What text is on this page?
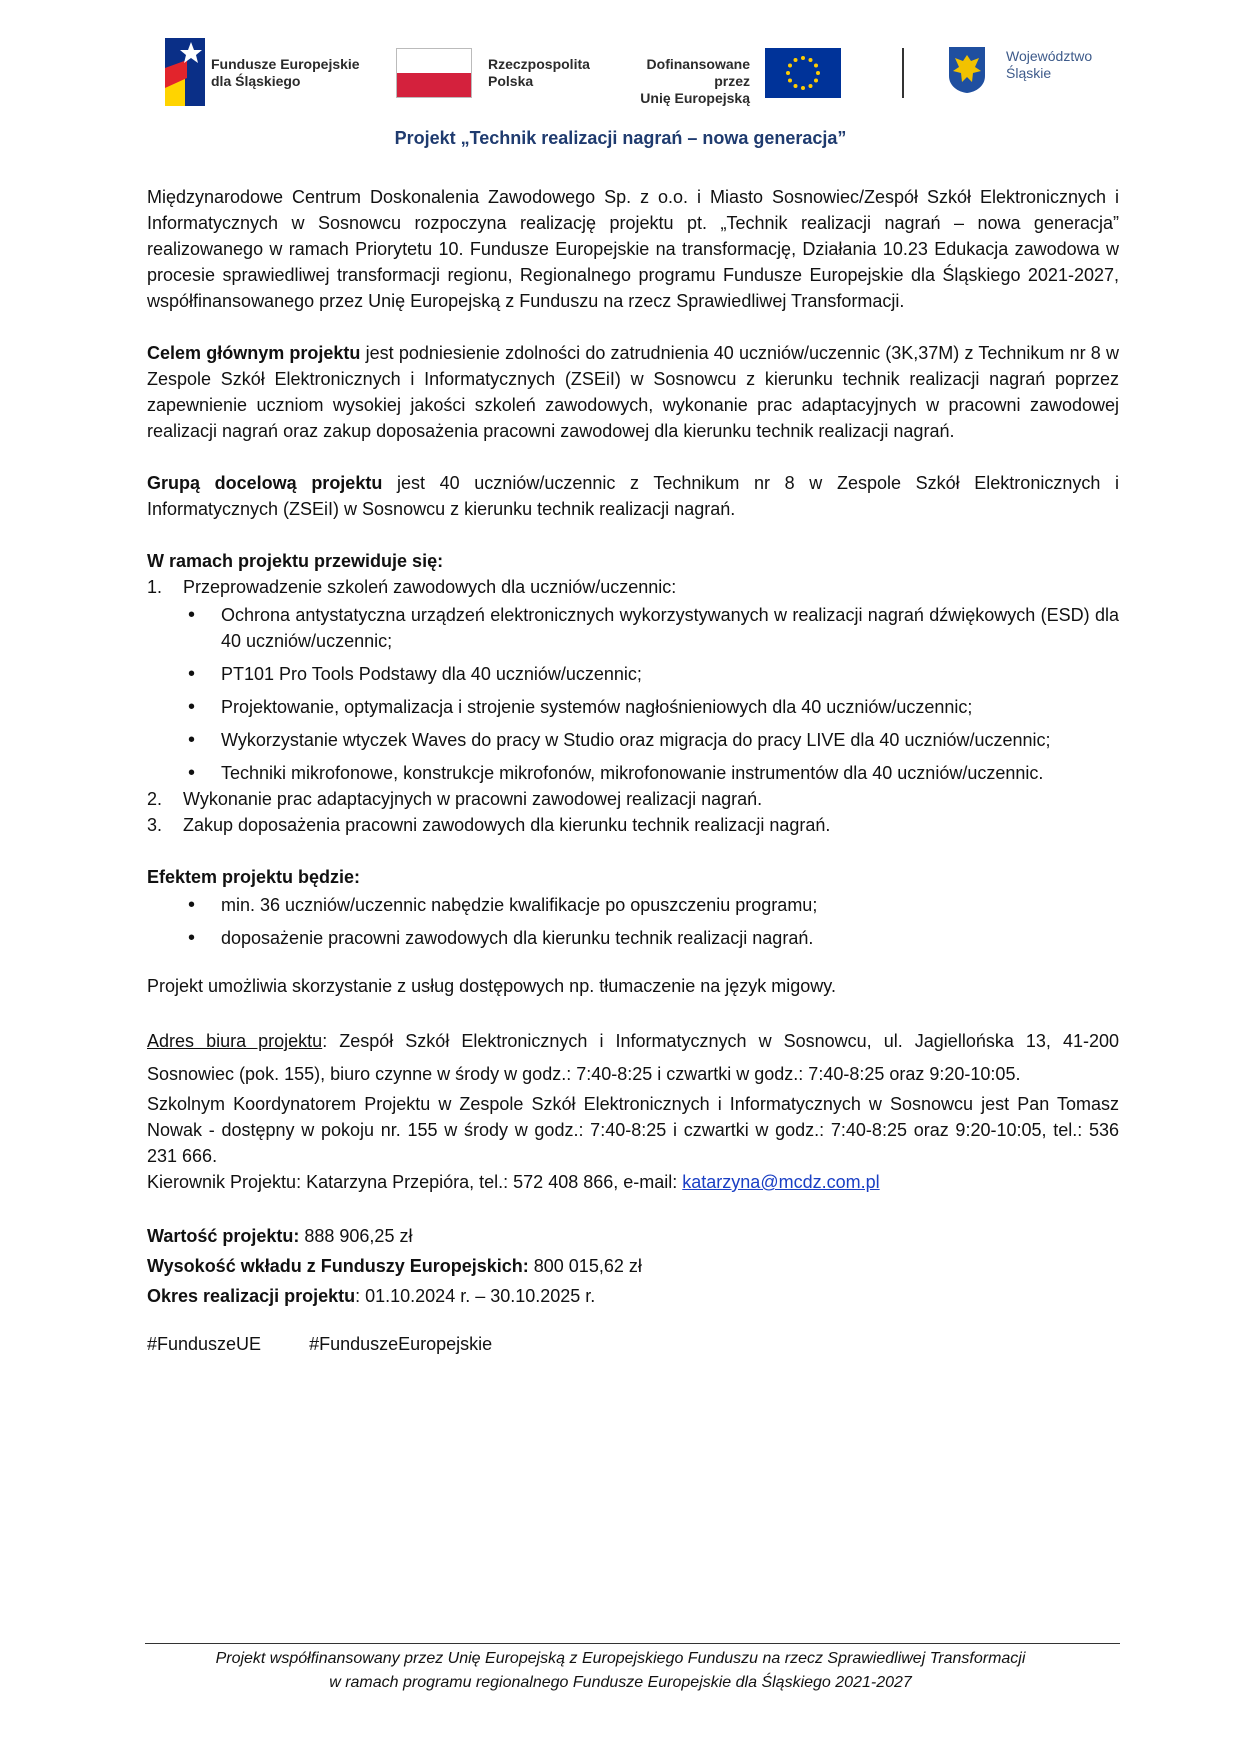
Fundusze Europejskie
dla Śląskiego
Rzeczpospolita
Polska
Dofinansowane przez
Unię Europejską
Województwo
Śląskie
Projekt „Technik realizacji nagrań – nowa generacja”

Międzynarodowe Centrum Doskonalenia Zawodowego Sp. z o.o. i Miasto Sosnowiec/Zespół Szkół Elektronicznych i Informatycznych w Sosnowcu rozpoczyna realizację projektu pt. „Technik realizacji nagrań – nowa generacja” realizowanego w ramach Priorytetu 10. Fundusze Europejskie na transformację, Działania 10.23 Edukacja zawodowa w procesie sprawiedliwej transformacji regionu, Regionalnego programu Fundusze Europejskie dla Śląskiego 2021-2027, współfinansowanego przez Unię Europejską z Funduszu na rzecz Sprawiedliwej Transformacji.

Celem głównym projektu jest podniesienie zdolności do zatrudnienia 40 uczniów/uczennic (3K,37M) z Technikum nr 8 w Zespole Szkół Elektronicznych i Informatycznych (ZSEiI) w Sosnowcu z kierunku technik realizacji nagrań poprzez zapewnienie uczniom wysokiej jakości szkoleń zawodowych, wykonanie prac adaptacyjnych w pracowni zawodowej realizacji nagrań oraz zakup doposażenia pracowni zawodowej dla kierunku technik realizacji nagrań.

Grupą docelową projektu jest 40 uczniów/uczennic z Technikum nr 8 w Zespole Szkół Elektronicznych i Informatycznych (ZSEiI) w Sosnowcu z kierunku technik realizacji nagrań.

W ramach projektu przewiduje się:

1. Przeprowadzenie szkoleń zawodowych dla uczniów/uczennic:
• Ochrona antystatyczna urządzeń elektronicznych wykorzystywanych w realizacji nagrań dźwiękowych (ESD) dla 40 uczniów/uczennic;
• PT101 Pro Tools Podstawy dla 40 uczniów/uczennic;
• Projektowanie, optymalizacja i strojenie systemów nagłośnieniowych dla 40 uczniów/uczennic;
• Wykorzystanie wtyczek Waves do pracy w Studio oraz migracja do pracy LIVE dla 40 uczniów/uczennic;
• Techniki mikrofonowe, konstrukcje mikrofonów, mikrofonowanie instrumentów dla 40 uczniów/uczennic.
2. Wykonanie prac adaptacyjnych w pracowni zawodowej realizacji nagrań.
3. Zakup doposażenia pracowni zawodowych dla kierunku technik realizacji nagrań.

Efektem projektu będzie:

• min. 36 uczniów/uczennic nabędzie kwalifikacje po opuszczeniu programu;
• doposażenie pracowni zawodowych dla kierunku technik realizacji nagrań.

Projekt umożliwia skorzystanie z usług dostępowych np. tłumaczenie na język migowy.

Adres biura projektu: Zespół Szkół Elektronicznych i Informatycznych w Sosnowcu, ul. Jagiellońska 13, 41-200 Sosnowiec (pok. 155), biuro czynne w środy w godz.: 7:40-8:25 i czwartki w godz.: 7:40-8:25 oraz 9:20-10:05.

Szkolnym Koordynatorem Projektu w Zespole Szkół Elektronicznych i Informatycznych w Sosnowcu jest Pan Tomasz Nowak - dostępny w pokoju nr. 155 w środy w godz.: 7:40-8:25 i czwartki w godz.: 7:40-8:25 oraz 9:20-10:05, tel.: 536 231 666.

Kierownik Projektu: Katarzyna Przepióra, tel.: 572 408 866, e-mail: katarzyna@mcdz.com.pl

Wartość projektu: 888 906,25 zł

Wysokość wkładu z Funduszy Europejskich: 800 015,62 zł

Okres realizacji projektu: 01.10.2024 r. – 30.10.2025 r.

#FunduszeUE	#FunduszeEuropejskie

Projekt współfinansowany przez Unię Europejską z Europejskiego Funduszu na rzecz Sprawiedliwej Transformacji
w ramach programu regionalnego Fundusze Europejskie dla Śląskiego 2021-2027
